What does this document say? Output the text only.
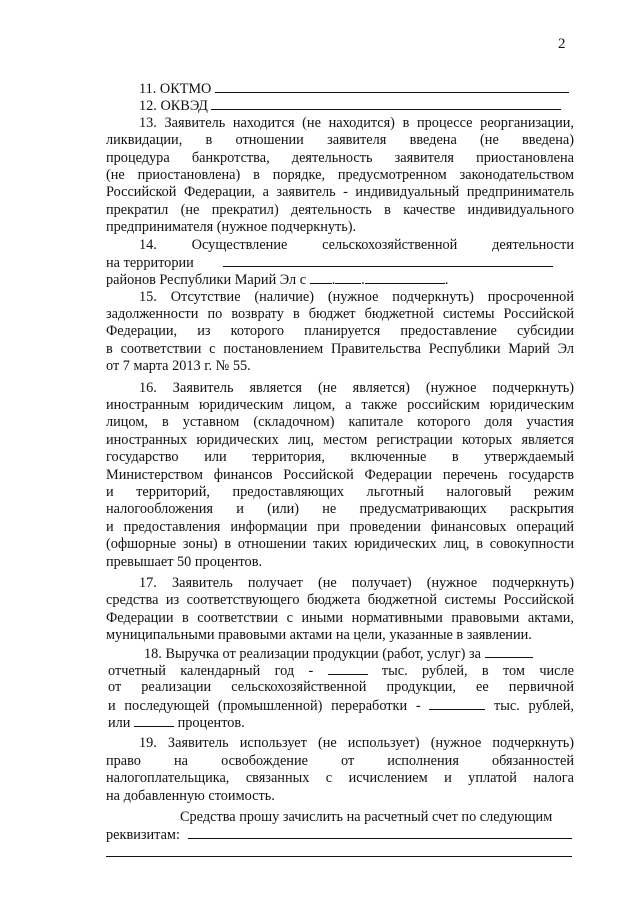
2
11. ОКТМО
12. ОКВЭД
13. Заявитель находится (не находится) в процессе реорганизации,
ликвидации, в отношении заявителя введена (не введена)
процедура банкротства, деятельность заявителя приостановлена
(не приостановлена) в порядке, предусмотренном законодательством
Российской Федерации, а заявитель - индивидуальный предприниматель
прекратил (не прекратил) деятельность в качестве индивидуального
предпринимателя (нужное подчеркнуть).
14. Осуществление сельскохозяйственной деятельности
на территории
районов Республики Марий Эл с . .	.
15. Отсутствие (наличие) (нужное подчеркнуть) просроченной
задолженности по возврату в бюджет бюджетной системы Российской
Федерации, из которого планируется предоставление субсидии
в соответствии с постановлением Правительства Республики Марий Эл
от 7 марта 2013 г. № 55.
16. Заявитель является (не является) (нужное подчеркнуть)
иностранным юридическим лицом, а также российским юридическим
лицом, в уставном (складочном) капитале которого доля участия
иностранных юридических лиц, местом регистрации которых является
государство или территория, включенные в утверждаемый
Министерством финансов Российской Федерации перечень государств
и территорий, предоставляющих льготный налоговый режим
налогообложения и (или) не предусматривающих раскрытия
и предоставления информации при проведении финансовых операций
(офшорные зоны) в отношении таких юридических лиц, в совокупности
превышает 50 процентов.
17. Заявитель получает (не получает) (нужное подчеркнуть)
средства из соответствующего бюджета бюджетной системы Российской
Федерации в соответствии с иными нормативными правовыми актами,
муниципальными правовыми актами на цели, указанные в заявлении.
18. Выручка от реализации продукции (работ, услуг) за
отчетный календарный год -	тыс. рублей, в том числе
от реализации сельскохозяйственной продукции, ее первичной
и последующей (промышленной) переработки -	тыс. рублей,
или	процентов.
19. Заявитель использует (не использует) (нужное подчеркнуть)
право на освобождение от исполнения обязанностей
налогоплательщика, связанных с исчислением и уплатой налога
на добавленную стоимость.
Средства прошу зачислить на расчетный счет по следующим
реквизитам:
